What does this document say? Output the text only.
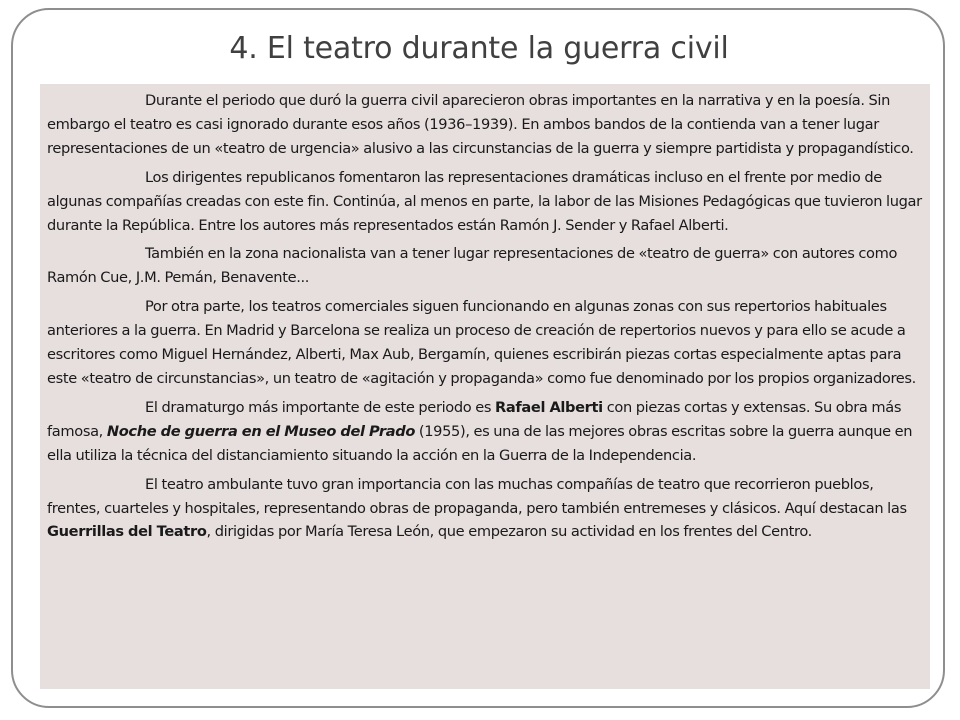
4. El teatro durante la guerra civil

Durante el periodo que duró la guerra civil aparecieron obras importantes en la narrativa y en la poesía. Sin embargo el teatro es casi ignorado durante esos años (1936–1939). En ambos bandos de la contienda van a tener lugar representaciones de un «teatro de urgencia» alusivo a las circunstancias de la guerra y siempre partidista y propagandístico.

Los dirigentes republicanos fomentaron las representaciones dramáticas incluso en el frente por medio de algunas compañías creadas con este fin. Continúa, al menos en parte, la labor de las Misiones Pedagógicas que tuvieron lugar durante la República. Entre los autores más representados están Ramón J. Sender y Rafael Alberti.

También en la zona nacionalista van a tener lugar representaciones de «teatro de guerra» con autores como Ramón Cue, J.M. Pemán, Benavente...

Por otra parte, los teatros comerciales siguen funcionando en algunas zonas con sus repertorios habituales anteriores a la guerra. En Madrid y Barcelona se realiza un proceso de creación de repertorios nuevos y para ello se acude a escritores como Miguel Hernández, Alberti, Max Aub, Bergamín, quienes escribirán piezas cortas especialmente aptas para este «teatro de circunstancias», un teatro de «agitación y propaganda» como fue denominado por los propios organizadores.

El dramaturgo más importante de este periodo es Rafael Alberti con piezas cortas y extensas. Su obra más famosa, Noche de guerra en el Museo del Prado (1955), es una de las mejores obras escritas sobre la guerra aunque en ella utiliza la técnica del distanciamiento situando la acción en la Guerra de la Independencia.

El teatro ambulante tuvo gran importancia con las muchas compañías de teatro que recorrieron pueblos, frentes, cuarteles y hospitales, representando obras de propaganda, pero también entremeses y clásicos. Aquí destacan las Guerrillas del Teatro, dirigidas por María Teresa León, que empezaron su actividad en los frentes del Centro.
